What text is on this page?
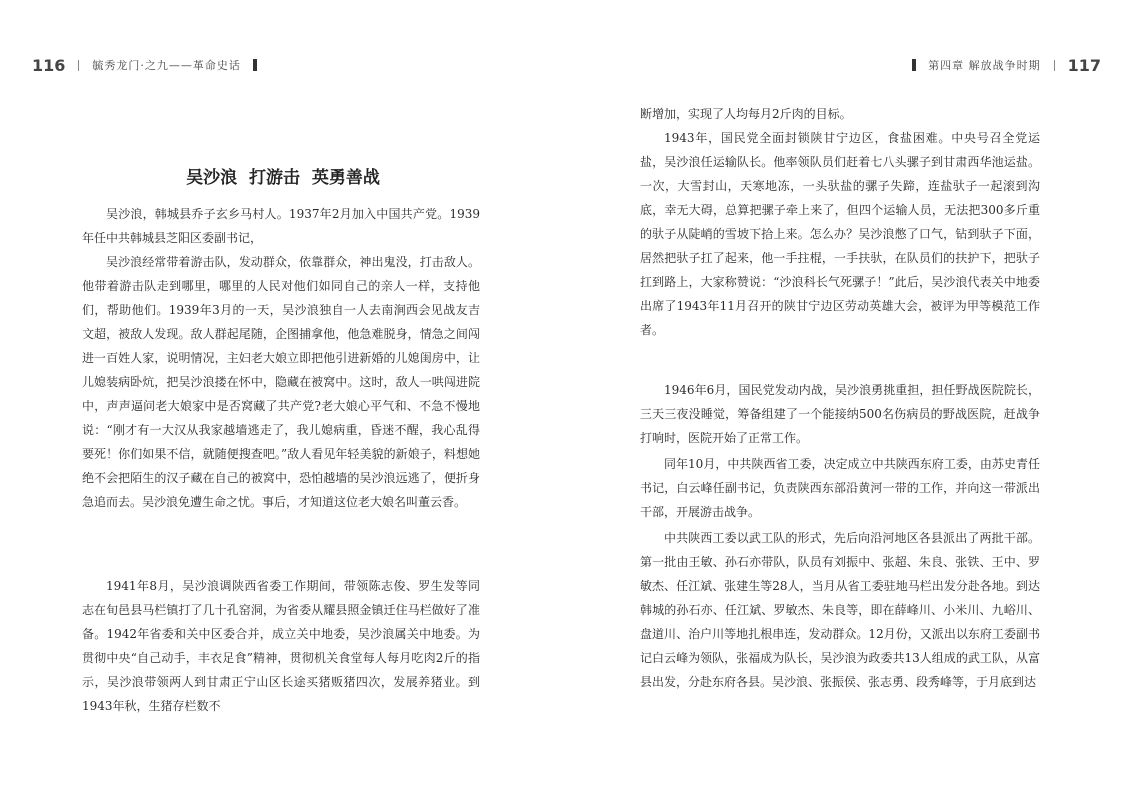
116 毓秀龙门·之九——革命史话
吴沙浪  打游击  英勇善战

吴沙浪，韩城县乔子玄乡马村人。1937年2月加入中国共产党。1939年任中共韩城县芝阳区委副书记，

吴沙浪经常带着游击队，发动群众，依靠群众，神出鬼没，打击敌人。他带着游击队走到哪里，哪里的人民对他们如同自己的亲人一样，支持他们，帮助他们。1939年3月的一天，吴沙浪独自一人去南涧西会见战友吉文超，被敌人发现。敌人群起尾随，企图捕拿他，他急难脱身，情急之间闯进一百姓人家，说明情况，主妇老大娘立即把他引进新婚的儿媳闺房中，让儿媳装病卧炕，把吴沙浪搂在怀中，隐藏在被窝中。这时，敌人一哄闯进院中，声声逼问老大娘家中是否窝藏了共产党?老大娘心平气和、不急不慢地说：“刚才有一大汉从我家越墙逃走了，我儿媳病重，昏迷不醒，我心乱得要死！你们如果不信，就随便搜查吧。”敌人看见年轻美貌的新娘子，料想她绝不会把陌生的汉子藏在自己的被窝中，恐怕越墙的吴沙浪远逃了，便折身急追而去。吴沙浪免遭生命之忧。事后，才知道这位老大娘名叫董云香。

1941年8月，吴沙浪调陕西省委工作期间，带领陈志俊、罗生发等同志在旬邑县马栏镇打了几十孔窑洞，为省委从耀县照金镇迁住马栏做好了准备。1942年省委和关中区委合并，成立关中地委，吴沙浪属关中地委。为贯彻中央“自己动手，丰衣足食”精神，贯彻机关食堂每人每月吃肉2斤的指示，吴沙浪带领两人到甘肃正宁山区长途买猪贩猪四次，发展养猪业。到1943年秋，生猪存栏数不

第四章 解放战争时期 117

断增加，实现了人均每月2斤肉的目标。

1943年，国民党全面封锁陕甘宁边区，食盐困难。中央号召全党运盐，吴沙浪任运输队长。他率领队员们赶着七八头骡子到甘肃西华池运盐。一次，大雪封山，天寒地冻，一头驮盐的骡子失蹄，连盐驮子一起滚到沟底，幸无大碍，总算把骡子牵上来了，但四个运输人员，无法把300多斤重的驮子从陡峭的雪坡下拾上来。怎么办？吴沙浪憋了口气，钻到驮子下面，居然把驮子扛了起来，他一手拄棍，一手扶驮，在队员们的扶护下，把驮子扛到路上，大家称赞说：“沙浪科长气死骡子！”此后，吴沙浪代表关中地委出席了1943年11月召开的陕甘宁边区劳动英雄大会，被评为甲等模范工作者。

1946年6月，国民党发动内战，吴沙浪勇挑重担，担任野战医院院长，三天三夜没睡觉，筹备组建了一个能接纳500名伤病员的野战医院，赶战争打响时，医院开始了正常工作。

同年10月，中共陕西省工委，决定成立中共陕西东府工委，由苏史青任书记，白云峰任副书记，负责陕西东部沿黄河一带的工作，并向这一带派出干部，开展游击战争。

中共陕西工委以武工队的形式，先后向沿河地区各县派出了两批干部。第一批由王敏、孙石亦带队，队员有刘振中、张超、朱良、张铁、王中、罗敏杰、任江斌、张建生等28人，当月从省工委驻地马栏出发分赴各地。到达韩城的孙石亦、任江斌、罗敏杰、朱良等，即在薛峰川、小米川、九峪川、盘道川、治户川等地扎根串连，发动群众。12月份，又派出以东府工委副书记白云峰为领队，张福成为队长，吴沙浪为政委共13人组成的武工队，从富县出发，分赴东府各县。吴沙浪、张振侯、张志勇、段秀峰等，于月底到达
